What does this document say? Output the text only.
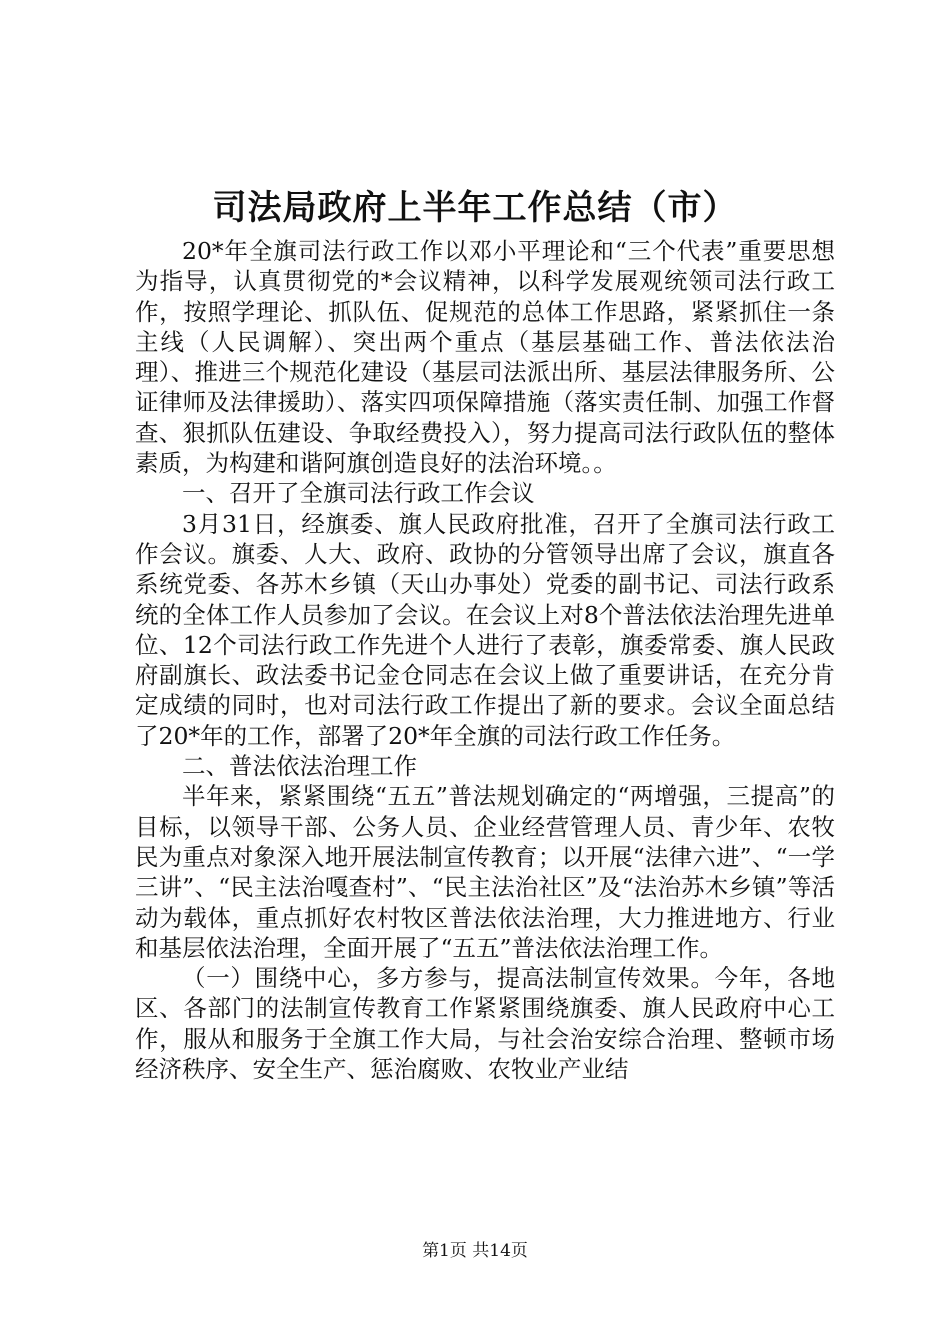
司法局政府上半年工作总结（市）

20*年全旗司法行政工作以邓小平理论和“三个代表”重要思想为指导，认真贯彻党的*会议精神，以科学发展观统领司法行政工作，按照学理论、抓队伍、促规范的总体工作思路，紧紧抓住一条主线（人民调解）、突出两个重点（基层基础工作、普法依法治理）、推进三个规范化建设（基层司法派出所、基层法律服务所、公证律师及法律援助）、落实四项保障措施（落实责任制、加强工作督查、狠抓队伍建设、争取经费投入），努力提高司法行政队伍的整体素质，为构建和谐阿旗创造良好的法治环境。。

一、召开了全旗司法行政工作会议

3月31日，经旗委、旗人民政府批准，召开了全旗司法行政工作会议。旗委、人大、政府、政协的分管领导出席了会议，旗直各系统党委、各苏木乡镇（天山办事处）党委的副书记、司法行政系统的全体工作人员参加了会议。在会议上对8个普法依法治理先进单位、12个司法行政工作先进个人进行了表彰，旗委常委、旗人民政府副旗长、政法委书记金仓同志在会议上做了重要讲话，在充分肯定成绩的同时，也对司法行政工作提出了新的要求。会议全面总结了20*年的工作，部署了20*年全旗的司法行政工作任务。

二、普法依法治理工作

半年来，紧紧围绕“五五”普法规划确定的“两增强，三提高”的目标，以领导干部、公务人员、企业经营管理人员、青少年、农牧民为重点对象深入地开展法制宣传教育；以开展“法律六进”、“一学三讲”、“民主法治嘎查村”、“民主法治社区”及“法治苏木乡镇”等活动为载体，重点抓好农村牧区普法依法治理，大力推进地方、行业和基层依法治理，全面开展了“五五”普法依法治理工作。

（一）围绕中心，多方参与，提高法制宣传效果。今年，各地区、各部门的法制宣传教育工作紧紧围绕旗委、旗人民政府中心工作，服从和服务于全旗工作大局，与社会治安综合治理、整顿市场经济秩序、安全生产、惩治腐败、农牧业产业结

第1页 共14页
